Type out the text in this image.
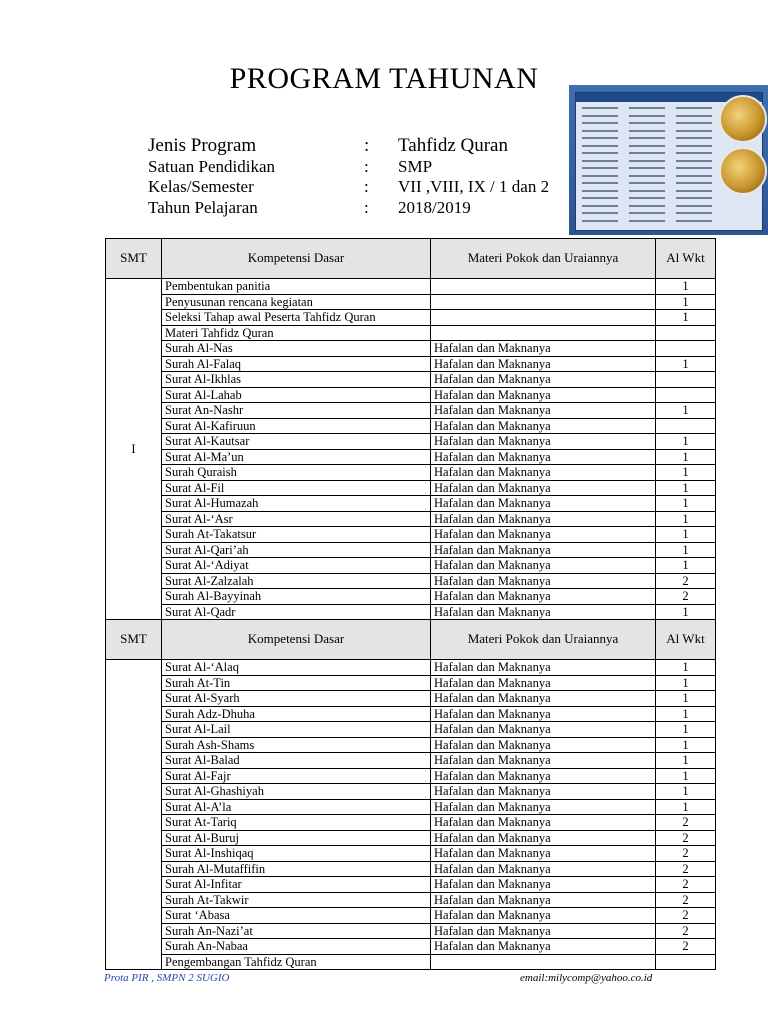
PROGRAM TAHUNAN
Jenis Program	:	Tahfidz Quran
Satuan Pendidikan	:	SMP
Kelas/Semester	:	VII ,VIII, IX / 1 dan 2
Tahun Pelajaran	:	2018/2019
SMT	Kompetensi Dasar	Materi Pokok dan Uraiannya	Al Wkt
I	Pembentukan panitia		1
	Penyusunan rencana kegiatan		1
	Seleksi Tahap awal Peserta Tahfidz Quran		1
	Materi Tahfidz Quran		
	Surah Al-Nas	Hafalan dan Maknanya	
	Surah Al-Falaq	Hafalan dan Maknanya	1
	Surat Al-Ikhlas	Hafalan dan Maknanya	
	Surat Al-Lahab	Hafalan dan Maknanya	
	Surat An-Nashr	Hafalan dan Maknanya	1
	Surat Al-Kafiruun	Hafalan dan Maknanya	
	Surat Al-Kautsar	Hafalan dan Maknanya	1
	Surat Al-Ma’un	Hafalan dan Maknanya	1
	Surah Quraish	Hafalan dan Maknanya	1
	Surat Al-Fil	Hafalan dan Maknanya	1
	Surat Al-Humazah	Hafalan dan Maknanya	1
	Surat Al-‘Asr	Hafalan dan Maknanya	1
	Surah At-Takatsur	Hafalan dan Maknanya	1
	Surat Al-Qari’ah	Hafalan dan Maknanya	1
	Surat Al-‘Adiyat	Hafalan dan Maknanya	1
	Surat Al-Zalzalah	Hafalan dan Maknanya	2
	Surah Al-Bayyinah	Hafalan dan Maknanya	2
	Surat Al-Qadr	Hafalan dan Maknanya	1
SMT	Kompetensi Dasar	Materi Pokok dan Uraiannya	Al Wkt
	Surat Al-‘Alaq	Hafalan dan Maknanya	1
	Surah At-Tin	Hafalan dan Maknanya	1
	Surat Al-Syarh	Hafalan dan Maknanya	1
	Surah Adz-Dhuha	Hafalan dan Maknanya	1
	Surat Al-Lail	Hafalan dan Maknanya	1
	Surah Ash-Shams	Hafalan dan Maknanya	1
	Surat Al-Balad	Hafalan dan Maknanya	1
	Surat Al-Fajr	Hafalan dan Maknanya	1
	Surat Al-Ghashiyah	Hafalan dan Maknanya	1
	Surat Al-A’la	Hafalan dan Maknanya	1
	Surat At-Tariq	Hafalan dan Maknanya	2
	Surat Al-Buruj	Hafalan dan Maknanya	2
	Surat Al-Inshiqaq	Hafalan dan Maknanya	2
	Surah Al-Mutaffifin	Hafalan dan Maknanya	2
	Surat Al-Infitar	Hafalan dan Maknanya	2
	Surah At-Takwir	Hafalan dan Maknanya	2
	Surat ‘Abasa	Hafalan dan Maknanya	2
	Surah An-Nazi’at	Hafalan dan Maknanya	2
	Surah An-Nabaa	Hafalan dan Maknanya	2
	Pengembangan Tahfidz Quran		
Prota PIR , SMPN 2 SUGIO	email:milycomp@yahoo.co.id
